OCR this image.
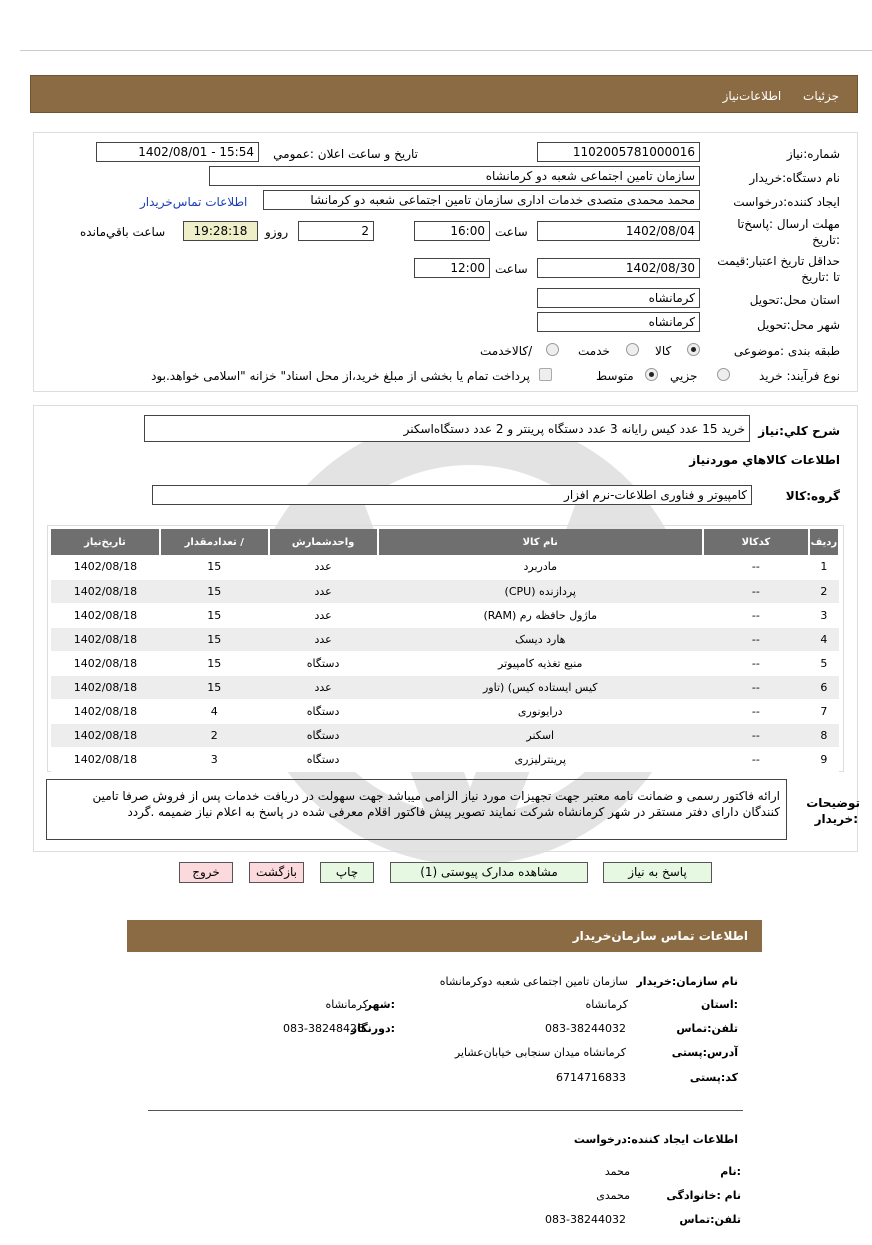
جزئیات اطلاعات‌نیاز
شماره:نیاز
1102005781000016
تاریخ و ساعت اعلان :عمومي
1402/08/01 - 15:54
نام دستگاه:خریدار
سازمان تامین اجتماعی شعبه دو کرمانشاه
ایجاد کننده:درخواست
محمد محمدی متصدی خدمات اداری سازمان تامین اجتماعی شعبه دو کرمانشا
اطلاعات تماس‌خریدار
مهلت ارسال :پاسخ‌تا
:تاریخ
1402/08/04
ساعت
16:00
2
روزو
19:28:18
ساعت باقي‌مانده
حداقل تاریخ اعتبار:قیمت
تا :تاریخ
1402/08/30
ساعت
12:00
استان محل:تحویل
کرمانشاه
شهر محل:تحویل
کرمانشاه
طبقه بندی :موضوعی
کالا
خدمت
/کالاخدمت
نوع فرآیند: خرید
جزیي
متوسط
پرداخت تمام یا بخشی از مبلغ خرید،از محل اسناد" خزانه "اسلامی خواهد.بود
شرح کلي:نیاز
خرید 15 عدد کیس رایانه 3 عدد دستگاه پرینتر و 2 عدد دستگاه‌اسکنر
اطلاعات کالاهاي موردنیاز
گروه:کالا
کامپیوتر و فناوری اطلاعات-نرم افزار
ردیف	کدکالا	نام کالا	واحدشمارش	/ تعدادمقدار	تاریخ‌نیاز
1	--	مادربرد	عدد	15	1402/08/18
2	--	پردازنده (CPU)	عدد	15	1402/08/18
3	--	ماژول حافظه رم (RAM)	عدد	15	1402/08/18
4	--	هارد دیسک	عدد	15	1402/08/18
5	--	منبع تغذیه کامپیوتر	دستگاه	15	1402/08/18
6	--	کیس ایستاده کیس) (تاور	عدد	15	1402/08/18
7	--	درایونوری	دستگاه	4	1402/08/18
8	--	اسکنر	دستگاه	2	1402/08/18
9	--	پرینترلیزری	دستگاه	3	1402/08/18
توضیحات
:خریدار
ارائه فاکتور رسمی و ضمانت نامه معتبر جهت تجهیزات مورد نیاز الزامی میباشد جهت سهولت در دریافت خدمات پس از فروش صرفا تامین کنندگان دارای دفتر مستقر در شهر کرمانشاه شرکت نمایند تصویر پیش فاکتور اقلام معرفی شده در پاسخ به اعلام نیاز ضمیمه .گردد
پاسخ به نیاز
مشاهده مدارک پیوستی (1)
چاپ
بازگشت
خروج
اطلاعات تماس سازمان‌خریدار
نام سازمان:خریدار
سازمان تامین اجتماعی شعبه دوکرمانشاه
:استان
کرمانشاه
:شهر
کرمانشاه
تلفن:تماس
083-38244032
:دورنگار
083-38248426
آدرس:پستی
کرمانشاه میدان سنجابی خیابان‌عشایر
کد:پستی
6714716833
اطلاعات ایجاد کننده:درخواست
:نام
محمد
نام :خانوادگی
محمدی
تلفن:تماس
083-38244032
